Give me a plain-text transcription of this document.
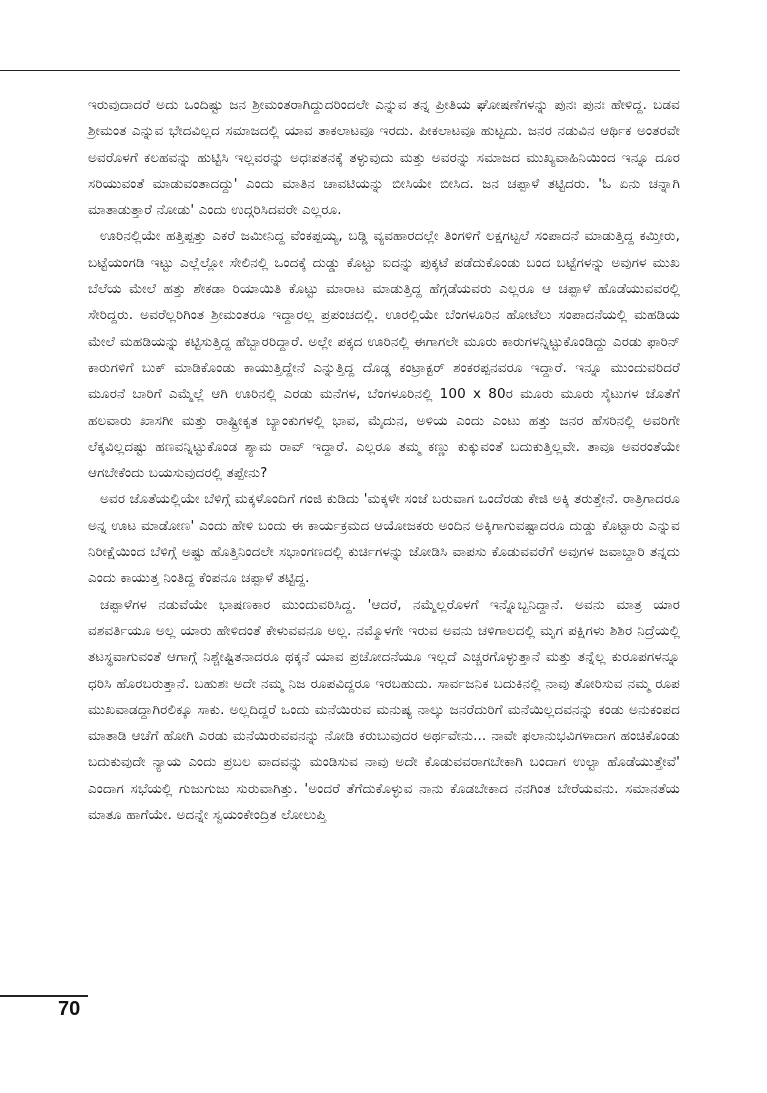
ಇರುವುದಾದರೆ ಅದು ಒಂದಿಷ್ಟು ಜನ ಶ್ರೀಮಂತರಾಗಿದ್ದುದರಿಂದಲೇ ಎನ್ನುವ ತನ್ನ ಪ್ರೀತಿಯ ಘೋಷಣೆಗಳನ್ನು ಪುನಃ ಪುನಃ ಹೇಳಿದ್ದ. ಬಡವ ಶ್ರೀಮಂತ ಎನ್ನುವ ಭೇದವಿಲ್ಲದ ಸಮಾಜದಲ್ಲಿ ಯಾವ ತಾಕಲಾಟವೂ ಇರದು. ಪೀಕಲಾಟವೂ ಹುಟ್ಟದು. ಜನರ ನಡುವಿನ ಆರ್ಥಿಕ ಅಂತರವೇ ಅವರೊಳಗೆ ಕಲಹವನ್ನು ಹುಟ್ಟಿಸಿ ಇಲ್ಲವರನ್ನು ಅಧಃಪತನಕ್ಕೆ ತಳ್ಳುವುದು ಮತ್ತು ಅವರನ್ನು ಸಮಾಜದ ಮುಖ್ಯವಾಹಿನಿಯಿಂದ ಇನ್ನೂ ದೂರ ಸರಿಯುವಂತೆ ಮಾಡುವಂತಾದದ್ದು' ಎಂದು ಮಾತಿನ ಚಾವಟಿಯನ್ನು ಬೀಸಿಯೇ ಬೀಸಿದ. ಜನ ಚಪ್ಪಾಳೆ ತಟ್ಟಿದರು. 'ಓ ಏನು ಚನ್ನಾಗಿ ಮಾತಾಡುತ್ತಾರೆ ನೋಡು' ಎಂದು ಉದ್ಗರಿಸಿದವರೇ ಎಲ್ಲರೂ.

ಊರಿನಲ್ಲಿಯೇ ಹತ್ತಿಪ್ಪತ್ತು ಎಕರೆ ಜಮೀನಿದ್ದ ವೆಂಕಪ್ಪಯ್ಯ, ಬಡ್ಡಿ ವ್ಯವಹಾರದಲ್ಲೇ ತಿಂಗಳಿಗೆ ಲಕ್ಷಗಟ್ಟಲೆ ಸಂಪಾದನೆ ಮಾಡುತ್ತಿದ್ದ ಕಮ್ತೀರು, ಬಟ್ಟೆಯಂಗಡಿ ಇಟ್ಟು ಎಲ್ಲೆಲ್ಲೋ ಸೇಲಿನಲ್ಲಿ ಒಂದಕ್ಕೆ ದುಡ್ಡು ಕೊಟ್ಟು ಐದನ್ನು ಪುಕ್ಕಟೆ ಪಡೆದುಕೊಂಡು ಬಂದ ಬಟ್ಟೆಗಳನ್ನು ಅವುಗಳ ಮುಖ ಬೆಲೆಯ ಮೇಲೆ ಹತ್ತು ಶೇಕಡಾ ರಿಯಾಯಿತಿ ಕೊಟ್ಟು ಮಾರಾಟ ಮಾಡುತ್ತಿದ್ದ ಹೆಗ್ಗಡೆಯವರು ಎಲ್ಲರೂ ಆ ಚಪ್ಪಾಳೆ ಹೊಡೆಯುವವರಲ್ಲಿ ಸೇರಿದ್ದರು. ಅವರೆಲ್ಲರಿಗಿಂತ ಶ್ರೀಮಂತರೂ ಇದ್ದಾರಲ್ಲ ಪ್ರಪಂಚದಲ್ಲಿ. ಊರಲ್ಲಿಯೇ ಬೆಂಗಳೂರಿನ ಹೋಟೆಲು ಸಂಪಾದನೆಯಲ್ಲಿ ಮಹಡಿಯ ಮೇಲೆ ಮಹಡಿಯನ್ನು ಕಟ್ಟಿಸುತ್ತಿದ್ದ ಹೆಬ್ಬಾರರಿದ್ದಾರೆ. ಅಲ್ಲೇ ಪಕ್ಕದ ಊರಿನಲ್ಲಿ ಈಗಾಗಲೇ ಮೂರು ಕಾರುಗಳನ್ನಿಟ್ಟುಕೊಂಡಿದ್ದು ಎರಡು ಫಾರಿನ್ ಕಾರುಗಳಿಗೆ ಬುಕ್ ಮಾಡಿಕೊಂಡು ಕಾಯುತ್ತಿದ್ದೇನೆ ಎನ್ನುತ್ತಿದ್ದ ದೊಡ್ಡ ಕಂಟ್ರಾಕ್ಟರ್ ಶಂಕರಪ್ಪನವರೂ ಇದ್ದಾರೆ. ಇನ್ನೂ ಮುಂದುವರಿದರೆ ಮೂರನೆ ಬಾರಿಗೆ ಎಮ್ಮೆಲ್ಲೆ ಆಗಿ ಊರಿನಲ್ಲಿ ಎರಡು ಮನೆಗಳ, ಬೆಂಗಳೂರಿನಲ್ಲಿ 100 x 80ರ ಮೂರು ಮೂರು ಸೈಟುಗಳ ಜೊತೆಗೆ ಹಲವಾರು ಖಾಸಗೀ ಮತ್ತು ರಾಷ್ಟ್ರೀಕೃತ ಬ್ಯಾಂಕುಗಳಲ್ಲಿ ಭಾವ, ಮೈದುನ, ಅಳಿಯ ಎಂದು ಎಂಟು ಹತ್ತು ಜನರ ಹೆಸರಿನಲ್ಲಿ ಅವರಿಗೇ ಲೆಕ್ಕವಿಲ್ಲದಷ್ಟು ಹಣವನ್ನಿಟ್ಟುಕೊಂಡ ಶ್ಯಾಮ ರಾವ್ ಇದ್ದಾರೆ. ಎಲ್ಲರೂ ತಮ್ಮ ಕಣ್ಣು ಕುಕ್ಕುವಂತೆ ಬದುಕುತ್ತಿಲ್ಲವೇ. ತಾವೂ ಅವರಂತೆಯೇ ಆಗಬೇಕೆಂದು ಬಯಸುವುದರಲ್ಲಿ ತಪ್ಪೇನು?

ಅವರ ಜೊತೆಯಲ್ಲಿಯೇ ಬೆಳಿಗ್ಗೆ ಮಕ್ಕಳೊಂದಿಗೆ ಗಂಜಿ ಕುಡಿದು 'ಮಕ್ಕಳೇ ಸಂಜೆ ಬರುವಾಗ ಒಂದೆರಡು ಕೇಜಿ ಅಕ್ಕಿ ತರುತ್ತೇನೆ. ರಾತ್ರಿಗಾದರೂ ಅನ್ನ ಊಟ ಮಾಡೋಣ' ಎಂದು ಹೇಳಿ ಬಂದು ಈ ಕಾರ್ಯಕ್ರಮದ ಆಯೋಜಕರು ಅಂದಿನ ಅಕ್ಕಿಗಾಗುವಷ್ಟಾದರೂ ದುಡ್ಡು ಕೊಟ್ಟಾರು ಎನ್ನುವ ನಿರೀಕ್ಷೆಯಿಂದ ಬೆಳಿಗ್ಗೆ ಅಷ್ಟು ಹೊತ್ತಿನಿಂದಲೇ ಸಭಾಂಗಣದಲ್ಲಿ ಕುರ್ಚಿಗಳನ್ನು ಜೋಡಿಸಿ ವಾಪಸು ಕೊಡುವವರೆಗೆ ಅವುಗಳ ಜವಾಬ್ದಾರಿ ತನ್ನದು ಎಂದು ಕಾಯುತ್ತ ನಿಂತಿದ್ದ ಕೆಂಪನೂ ಚಪ್ಪಾಳೆ ತಟ್ಟಿದ್ದ.

ಚಪ್ಪಾಳೆಗಳ ನಡುವೆಯೇ ಭಾಷಣಕಾರ ಮುಂದುವರಿಸಿದ್ದ. 'ಆದರೆ, ನಮ್ಮೆಲ್ಲರೊಳಗೆ ಇನ್ನೊಬ್ಬನಿದ್ದಾನೆ. ಅವನು ಮಾತ್ರ ಯಾರ ವಶವರ್ತಿಯೂ ಅಲ್ಲ ಯಾರು ಹೇಳಿದಂತೆ ಕೇಳುವವನೂ ಅಲ್ಲ. ನಮ್ಮೊಳಗೇ ಇರುವ ಅವನು ಚಳಿಗಾಲದಲ್ಲಿ ಮೃಗ ಪಕ್ಷಿಗಳು ಶಿಶಿರ ನಿದ್ರೆಯಲ್ಲಿ ತಟಸ್ಥವಾಗುವಂತೆ ಆಗಾಗ್ಗೆ ನಿಶ್ಚೇಷ್ಟಿತನಾದರೂ ಥಕ್ಕನೆ ಯಾವ ಪ್ರಚೋದನೆಯೂ ಇಲ್ಲದೆ ಎಚ್ಚರಗೊಳ್ಳುತ್ತಾನೆ ಮತ್ತು ತನ್ನೆಲ್ಲ ಕುರೂಪಗಳನ್ನೂ ಧರಿಸಿ ಹೊರಬರುತ್ತಾನೆ. ಬಹುಶಃ ಅದೇ ನಮ್ಮ ನಿಜ ರೂಪವಿದ್ದರೂ ಇರಬಹುದು. ಸಾರ್ವಜನಿಕ ಬದುಕಿನಲ್ಲಿ ನಾವು ತೋರಿಸುವ ನಮ್ಮ ರೂಪ ಮುಖವಾಡದ್ದಾಗಿರಲಿಕ್ಕೂ ಸಾಕು. ಅಲ್ಲದಿದ್ದರೆ ಒಂದು ಮನೆಯಿರುವ ಮನುಷ್ಯ ನಾಲ್ಕು ಜನರೆದುರಿಗೆ ಮನೆಯಿಲ್ಲದವನನ್ನು ಕಂಡು ಅನುಕಂಪದ ಮಾತಾಡಿ ಆಚೆಗೆ ಹೋಗಿ ಎರಡು ಮನೆಯಿರುವವನನ್ನು ನೋಡಿ ಕರುಬುವುದರ ಅರ್ಥವೇನು... ನಾವೇ ಫಲಾನುಭವಿಗಳಾದಾಗ ಹಂಚಿಕೊಂಡು ಬದುಕುವುದೇ ನ್ಯಾಯ ಎಂದು ಪ್ರಬಲ ವಾದವನ್ನು ಮಂಡಿಸುವ ನಾವು ಅದೇ ಕೊಡುವವರಾಗಬೇಕಾಗಿ ಬಂದಾಗ ಉಲ್ಟಾ ಹೊಡೆಯುತ್ತೇವೆ' ಎಂದಾಗ ಸಭೆಯಲ್ಲಿ ಗುಜುಗುಜು ಸುರುವಾಗಿತ್ತು. 'ಅಂದರೆ ತೆಗೆದುಕೊಳ್ಳುವ ನಾನು ಕೊಡಬೇಕಾದ ನನಗಿಂತ ಬೇರೆಯವನು. ಸಮಾನತೆಯ ಮಾತೂ ಹಾಗೆಯೇ. ಅದನ್ನೇ ಸ್ವಯಂಕೇಂದ್ರಿತ ಲೋಲುಪ್ತಿ

70
